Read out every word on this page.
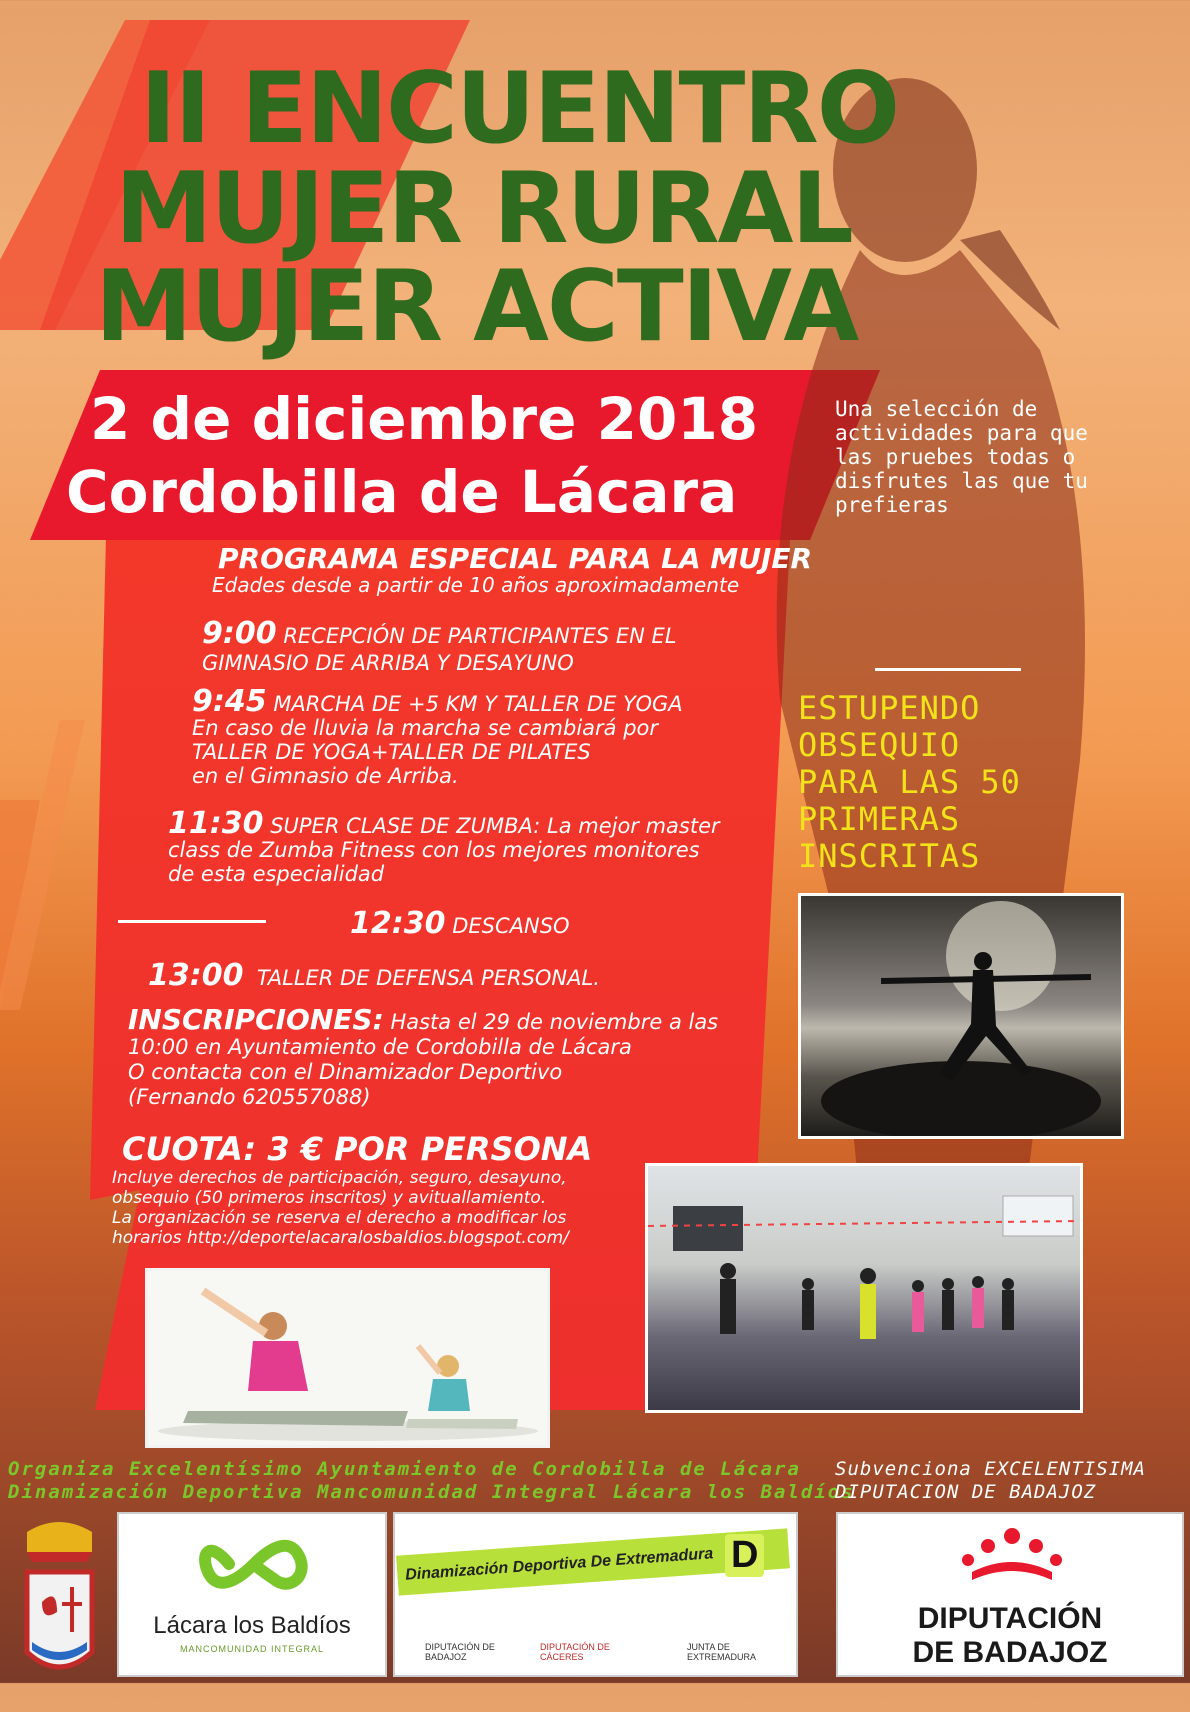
II ENCUENTRO
MUJER RURAL
MUJER ACTIVA
2 de diciembre 2018
Cordobilla de Lácara
Una selección de
actividades para que
las pruebes todas o
disfrutes las que tu
prefieras
PROGRAMA ESPECIAL PARA LA MUJER
Edades desde a partir de 10 años aproximadamente
9:00 RECEPCIÓN DE PARTICIPANTES EN EL
GIMNASIO DE ARRIBA Y DESAYUNO
9:45 MARCHA DE +5 KM Y TALLER DE YOGA
En caso de lluvia la marcha se cambiará por
TALLER DE YOGA+TALLER DE PILATES
en el Gimnasio de Arriba.
11:30 SUPER CLASE DE ZUMBA: La mejor master
class de Zumba Fitness con los mejores monitores
de esta especialidad
12:30 DESCANSO
13:00 TALLER DE DEFENSA PERSONAL.
INSCRIPCIONES: Hasta el 29 de noviembre a las
10:00 en Ayuntamiento de Cordobilla de Lácara
O contacta con el Dinamizador Deportivo
(Fernando 620557088)
CUOTA: 3 € POR PERSONA
Incluye derechos de participación, seguro, desayuno,
obsequio (50 primeros inscritos) y avituallamiento.
La organización se reserva el derecho a modificar los
horarios http://deportelacaralosbaldios.blogspot.com/
ESTUPENDO
OBSEQUIO
PARA LAS 50
PRIMERAS
INSCRITAS
Organiza Excelentísimo Ayuntamiento de Cordobilla de Lácara
Dinamización Deportiva Mancomunidad Integral Lácara los Baldíos
Subvenciona EXCELENTISIMA
DIPUTACION DE BADAJOZ
Lácara los Baldíos
MANCOMUNIDAD INTEGRAL
Dinamización Deportiva De Extremadura D
DIPUTACIÓN DE BADAJOZ
DIPUTACIÓN DE CÁCERES
JUNTA DE EXTREMADURA
DIPUTACIÓN
DE BADAJOZ
